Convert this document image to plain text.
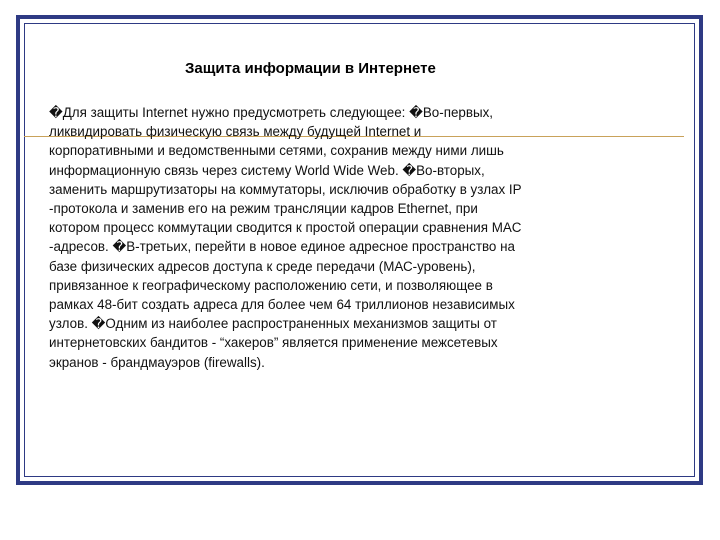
Защита информации в Интернете

�Для защиты Internet нужно предусмотреть следующее: �Во-первых,
ликвидировать физическую связь между будущей Internet и
корпоративными и ведомственными сетями, сохранив между ними лишь
информационную связь через систему World Wide Web. �Во-вторых,
заменить маршрутизаторы на коммутаторы, исключив обработку в узлах IP
-протокола и заменив его на режим трансляции кадров Ethernet, при
котором процесс коммутации сводится к простой операции сравнения MAC
-адресов. �В-третьих, перейти в новое единое адресное пространство на
базе физических адресов доступа к среде передачи (МАС-уровень),
привязанное к географическому расположению сети, и позволяющее в
рамках 48-бит создать адреса для более чем 64 триллионов независимых
узлов. �Одним из наиболее распространенных механизмов защиты от
интернетовских бандитов - “хакеров” является применение межсетевых
экранов - брандмауэров (firewalls).
